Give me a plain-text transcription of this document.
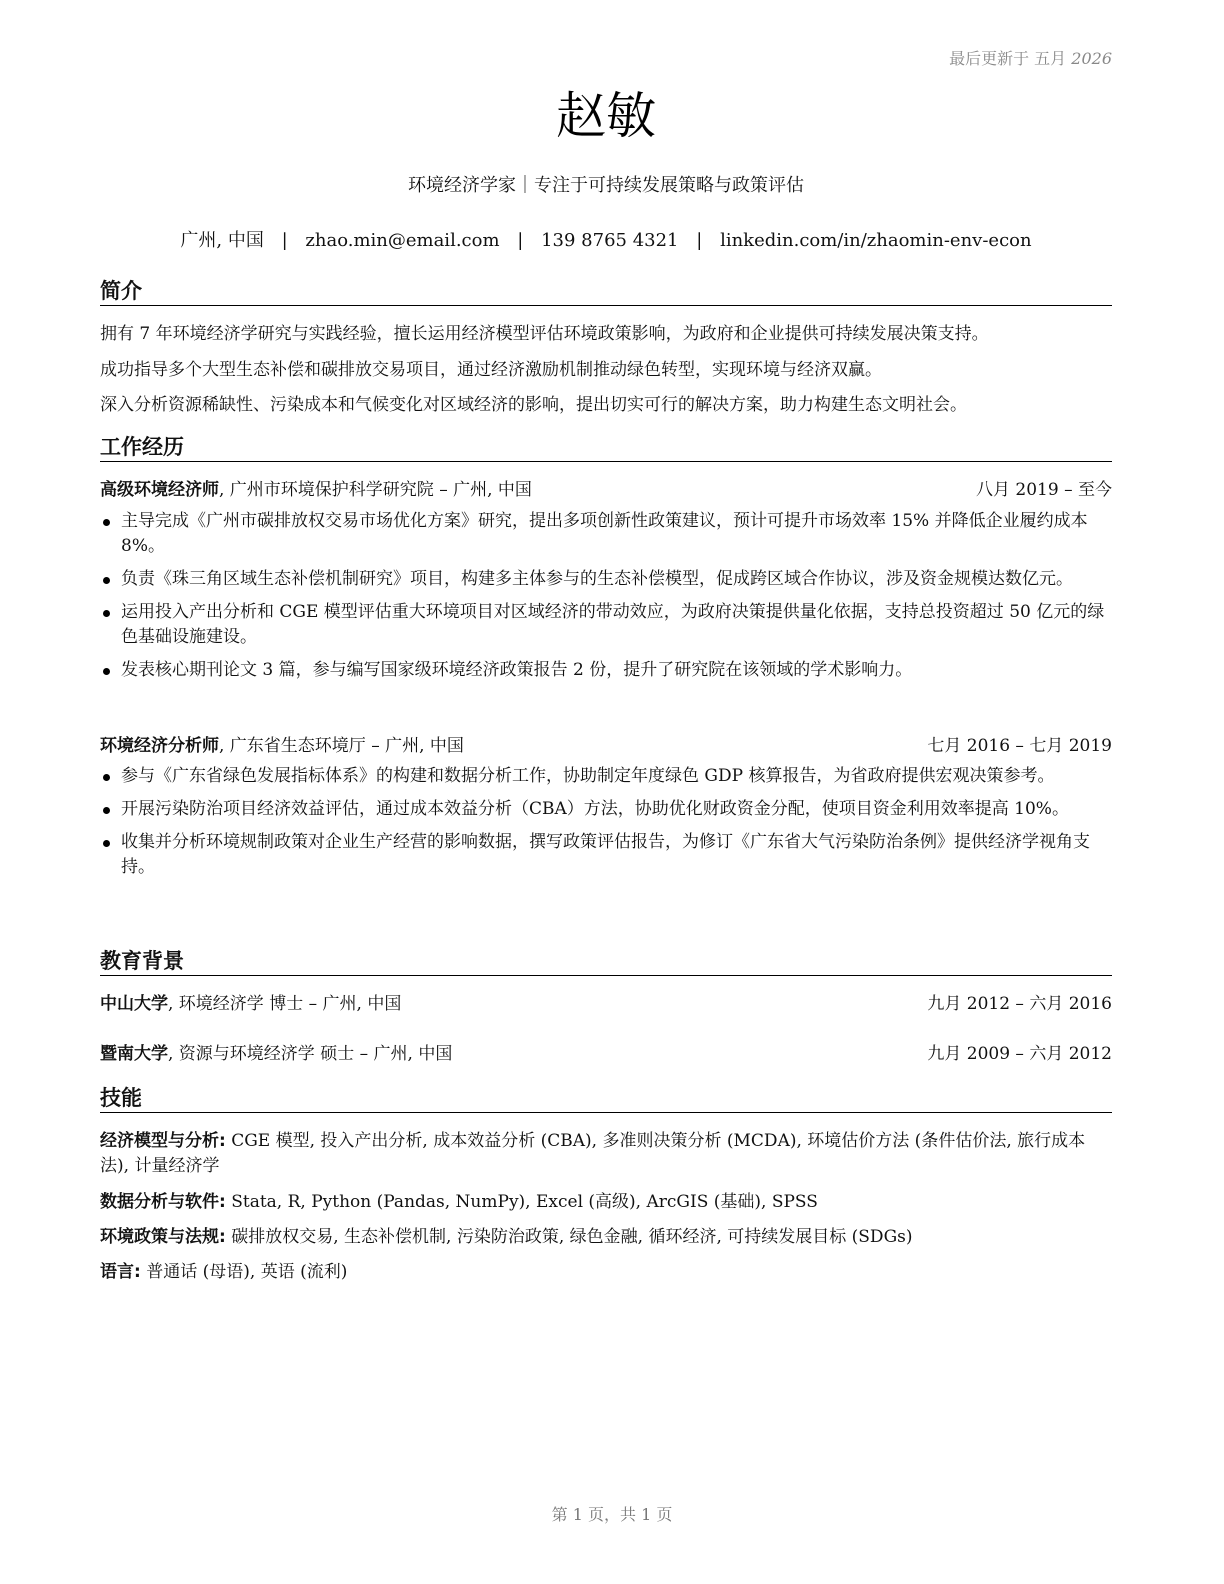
最后更新于 五月 2026
赵敏
环境经济学家｜专注于可持续发展策略与政策评估
广州, 中国 | zhao.min@email.com | 139 8765 4321 | linkedin.com/in/zhaomin-env-econ
简介
拥有 7 年环境经济学研究与实践经验，擅长运用经济模型评估环境政策影响，为政府和企业提供可持续发展决策支持。
成功指导多个大型生态补偿和碳排放交易项目，通过经济激励机制推动绿色转型，实现环境与经济双赢。
深入分析资源稀缺性、污染成本和气候变化对区域经济的影响，提出切实可行的解决方案，助力构建生态文明社会。
工作经历
高级环境经济师, 广州市环境保护科学研究院 – 广州, 中国	八月 2019 – 至今
主导完成《广州市碳排放权交易市场优化方案》研究，提出多项创新性政策建议，预计可提升市场效率 15% 并降低企业履约成本 8%。
负责《珠三角区域生态补偿机制研究》项目，构建多主体参与的生态补偿模型，促成跨区域合作协议，涉及资金规模达数亿元。
运用投入产出分析和 CGE 模型评估重大环境项目对区域经济的带动效应，为政府决策提供量化依据，支持总投资超过 50 亿元的绿色基础设施建设。
发表核心期刊论文 3 篇，参与编写国家级环境经济政策报告 2 份，提升了研究院在该领域的学术影响力。
环境经济分析师, 广东省生态环境厅 – 广州, 中国	七月 2016 – 七月 2019
参与《广东省绿色发展指标体系》的构建和数据分析工作，协助制定年度绿色 GDP 核算报告，为省政府提供宏观决策参考。
开展污染防治项目经济效益评估，通过成本效益分析（CBA）方法，协助优化财政资金分配，使项目资金利用效率提高 10%。
收集并分析环境规制政策对企业生产经营的影响数据，撰写政策评估报告，为修订《广东省大气污染防治条例》提供经济学视角支持。
教育背景
中山大学, 环境经济学 博士 – 广州, 中国	九月 2012 – 六月 2016
暨南大学, 资源与环境经济学 硕士 – 广州, 中国	九月 2009 – 六月 2012
技能
经济模型与分析: CGE 模型, 投入产出分析, 成本效益分析 (CBA), 多准则决策分析 (MCDA), 环境估价方法 (条件估价法, 旅行成本法), 计量经济学
数据分析与软件: Stata, R, Python (Pandas, NumPy), Excel (高级), ArcGIS (基础), SPSS
环境政策与法规: 碳排放权交易, 生态补偿机制, 污染防治政策, 绿色金融, 循环经济, 可持续发展目标 (SDGs)
语言: 普通话 (母语), 英语 (流利)
第 1 页，共 1 页
